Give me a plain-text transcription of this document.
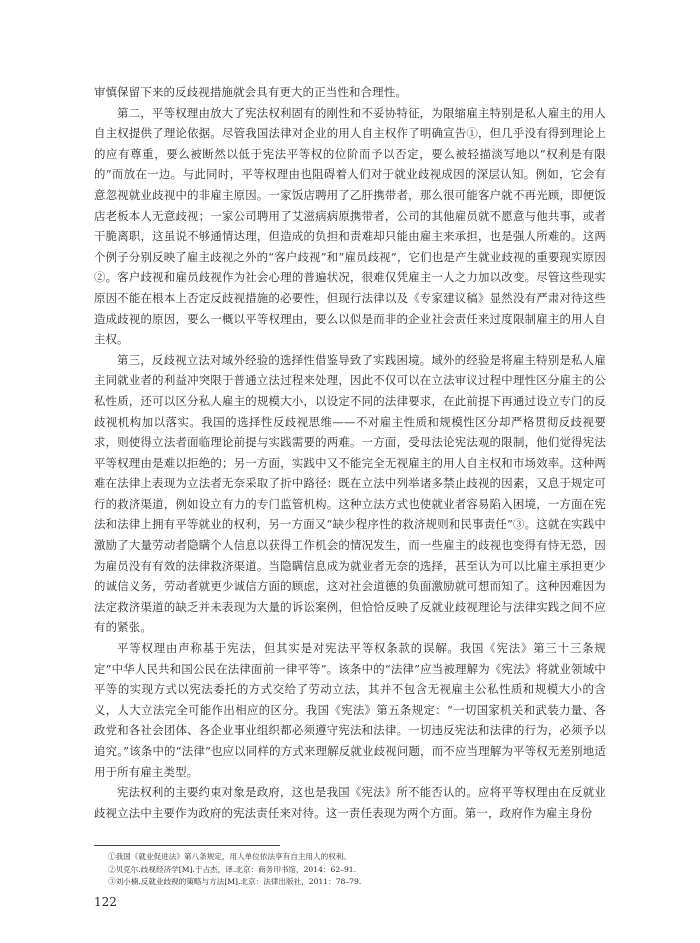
审慎保留下来的反歧视措施就会具有更大的正当性和合理性。

第二，平等权理由放大了宪法权利固有的刚性和不妥协特征，为限缩雇主特别是私人雇主的用人自主权提供了理论依据。尽管我国法律对企业的用人自主权作了明确宣告①，但几乎没有得到理论上的应有尊重，要么被断然以低于宪法平等权的位阶而予以否定，要么被轻描淡写地以“权利是有限的”而放在一边。与此同时，平等权理由也阻碍着人们对于就业歧视成因的深层认知。例如，它会有意忽视就业歧视中的非雇主原因。一家饭店聘用了乙肝携带者，那么很可能客户就不再光顾，即便饭店老板本人无意歧视；一家公司聘用了艾滋病病原携带者，公司的其他雇员就不愿意与他共事，或者干脆离职，这虽说不够通情达理，但造成的负担和责难却只能由雇主来承担，也是强人所难的。这两个例子分别反映了雇主歧视之外的“客户歧视”和“雇员歧视”，它们也是产生就业歧视的重要现实原因②。客户歧视和雇员歧视作为社会心理的普遍状况，很难仅凭雇主一人之力加以改变。尽管这些现实原因不能在根本上否定反歧视措施的必要性，但现行法律以及《专家建议稿》显然没有严肃对待这些造成歧视的原因，要么一概以平等权理由，要么以似是而非的企业社会责任来过度限制雇主的用人自主权。

第三，反歧视立法对域外经验的选择性借鉴导致了实践困境。域外的经验是将雇主特别是私人雇主同就业者的利益冲突限于普通立法过程来处理，因此不仅可以在立法审议过程中理性区分雇主的公私性质，还可以区分私人雇主的规模大小，以设定不同的法律要求，在此前提下再通过设立专门的反歧视机构加以落实。我国的选择性反歧视思维——不对雇主性质和规模性区分却严格贯彻反歧视要求，则使得立法者面临理论前提与实践需要的两难。一方面，受母法论宪法观的限制，他们觉得宪法平等权理由是难以拒绝的；另一方面，实践中又不能完全无视雇主的用人自主权和市场效率。这种两难在法律上表现为立法者无奈采取了折中路径：既在立法中列举诸多禁止歧视的因素，又息于规定可行的救济渠道，例如设立有力的专门监管机构。这种立法方式也使就业者容易陷入困境，一方面在宪法和法律上拥有平等就业的权利，另一方面又“缺少程序性的救济规则和民事责任”③。这就在实践中激励了大量劳动者隐瞒个人信息以获得工作机会的情况发生，而一些雇主的歧视也变得有恃无恐，因为雇员没有有效的法律救济渠道。当隐瞒信息成为就业者无奈的选择，甚至认为可以比雇主承担更少的诚信义务，劳动者就更少诚信方面的顾虑，这对社会道德的负面激励就可想而知了。这种因难因为法定救济渠道的缺乏并未表现为大量的诉讼案例，但恰恰反映了反就业歧视理论与法律实践之间不应有的紧张。

平等权理由声称基于宪法，但其实是对宪法平等权条款的误解。我国《宪法》第三十三条规定“中华人民共和国公民在法律面前一律平等”。该条中的“法律”应当被理解为《宪法》将就业领域中平等的实现方式以宪法委托的方式交给了劳动立法，其并不包含无视雇主公私性质和规模大小的含义，人大立法完全可能作出相应的区分。我国《宪法》第五条规定：“一切国家机关和武装力量、各政党和各社会团体、各企业事业组织都必须遵守宪法和法律。一切违反宪法和法律的行为，必须予以追究。”该条中的“法律”也应以同样的方式来理解反就业歧视问题，而不应当理解为平等权无差别地适用于所有雇主类型。

宪法权利的主要约束对象是政府，这也是我国《宪法》所不能否认的。应将平等权理由在反就业歧视立法中主要作为政府的宪法责任来对待。这一责任表现为两个方面。第一，政府作为雇主身份

①我国《就业促进法》第八条规定，用人单位依法享有自主用人的权利。

②贝克尔.歧视经济学[M].于占杰，译.北京：商务印书馆，2014：62–91.

③刘小楠.反就业歧视的策略与方法[M].北京：法律出版社，2011：78–79.

122
